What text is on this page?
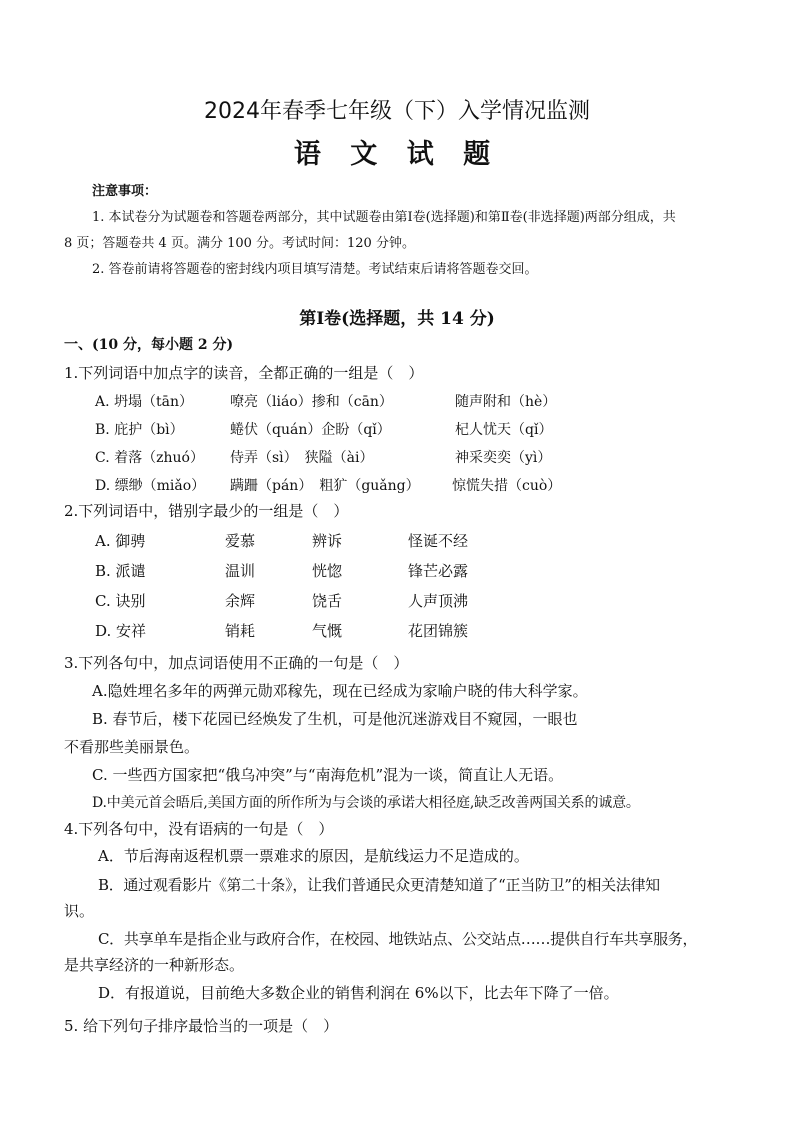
2024年春季七年级（下）入学情况监测
语 文 试 题
注意事项：
1. 本试卷分为试题卷和答题卷两部分，其中试题卷由第Ⅰ卷(选择题)和第Ⅱ卷(非选择题)两部分组成，共
8 页；答题卷共 4 页。满分 100 分。考试时间：120 分钟。
2. 答卷前请将答题卷的密封线内项目填写清楚。考试结束后请将答题卷交回。
第Ⅰ卷(选择题，共 14 分)
一、(10 分，每小题 2 分)
1.下列词语中加点字的读音，全都正确的一组是（　）
A. 坍塌（tān）	嘹亮（liáo）掺和（cān）	随声附和（hè）
B. 庇护（bì）	蜷伏（quán）企盼（qǐ）	杞人忧天（qǐ）
C. 着落（zhuó） 侍弄（sì）　狭隘（ài）	神采奕奕（yì）
D. 缥缈（miǎo） 蹒跚（pán）　粗犷（guǎng） 惊慌失措（cuò）
2.下列词语中，错别字最少的一组是（　）
A. 御骋	爱慕	辨诉	怪诞不经
B. 派谴	温训	恍惚	锋芒必露
C. 诀别	余辉	饶舌	人声顶沸
D. 安祥	销耗	气慨	花团锦簇
3.下列各句中，加点词语使用不正确的一句是（　）
A.隐姓埋名多年的两弹元勋邓稼先，现在已经成为家喻户晓的伟大科学家。
B. 春节后，楼下花园已经焕发了生机，可是他沉迷游戏目不窥园，一眼也
不看那些美丽景色。
C. 一些西方国家把“俄乌冲突”与“南海危机”混为一谈，简直让人无语。
D.中美元首会晤后,美国方面的所作所为与会谈的承诺大相径庭,缺乏改善两国关系的诚意。
4.下列各句中，没有语病的一句是（　）
A．节后海南返程机票一票难求的原因，是航线运力不足造成的。
B．通过观看影片《第二十条》，让我们普通民众更清楚知道了“正当防卫”的相关法律知
识。
C．共享单车是指企业与政府合作，在校园、地铁站点、公交站点……提供自行车共享服务，
是共享经济的一种新形态。
D．有报道说，目前绝大多数企业的销售利润在 6%以下，比去年下降了一倍。
5. 给下列句子排序最恰当的一项是（　）
